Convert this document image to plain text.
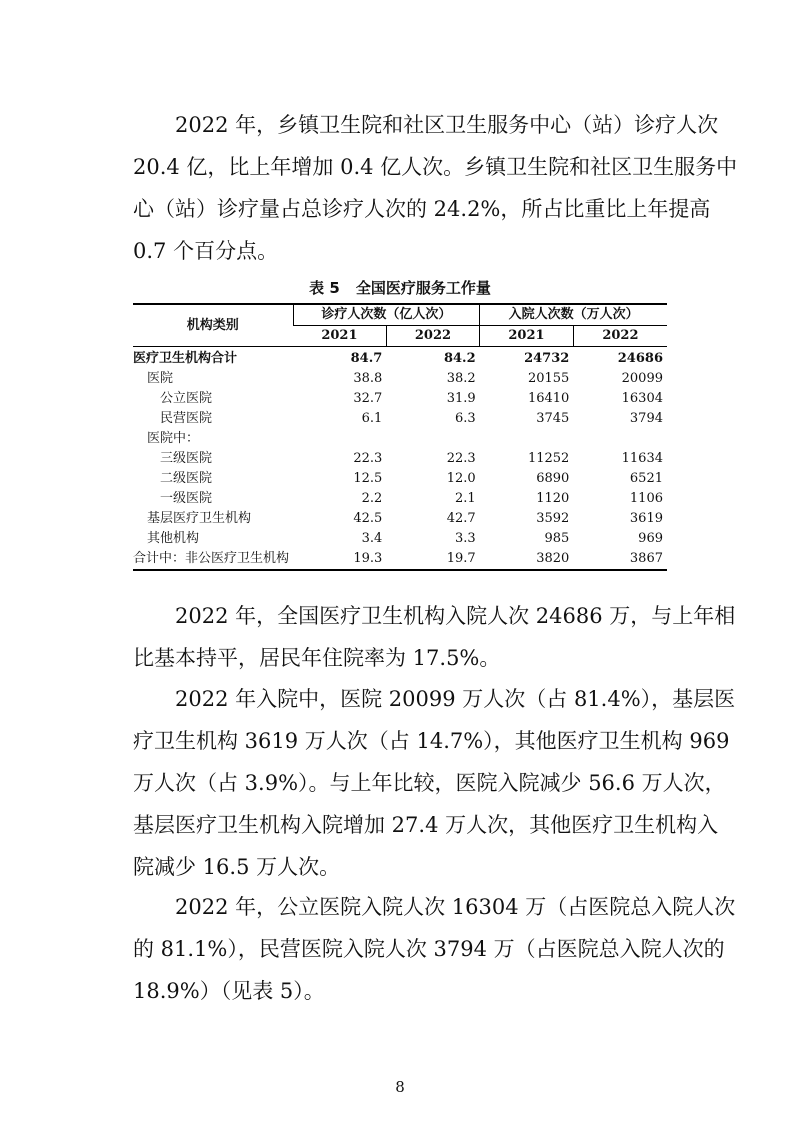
　　2022 年，乡镇卫生院和社区卫生服务中心（站）诊疗人次
20.4 亿，比上年增加 0.4 亿人次。乡镇卫生院和社区卫生服务中
心（站）诊疗量占总诊疗人次的 24.2%，所占比重比上年提高
0.7 个百分点。
表 5 全国医疗服务工作量
机构类别	诊疗人次数（亿人次）		入院人次数（万人次）	
	2021	2022	2021	2022
医疗卫生机构合计	84.7	84.2	24732	24686
医院	38.8	38.2	20155	20099
公立医院	32.7	31.9	16410	16304
民营医院	6.1	6.3	3745	3794
医院中：				
三级医院	22.3	22.3	11252	11634
二级医院	12.5	12.0	6890	6521
一级医院	2.2	2.1	1120	1106
基层医疗卫生机构	42.5	42.7	3592	3619
其他机构	3.4	3.3	985	969
合计中：非公医疗卫生机构	19.3	19.7	3820	3867
　　2022 年，全国医疗卫生机构入院人次 24686 万，与上年相
比基本持平，居民年住院率为 17.5%。
　　2022 年入院中，医院 20099 万人次（占 81.4%），基层医
疗卫生机构 3619 万人次（占 14.7%），其他医疗卫生机构 969
万人次（占 3.9%）。与上年比较，医院入院减少 56.6 万人次，
基层医疗卫生机构入院增加 27.4 万人次，其他医疗卫生机构入
院减少 16.5 万人次。
　　2022 年，公立医院入院人次 16304 万（占医院总入院人次
的 81.1%），民营医院入院人次 3794 万（占医院总入院人次的
18.9%）（见表 5）。
8
